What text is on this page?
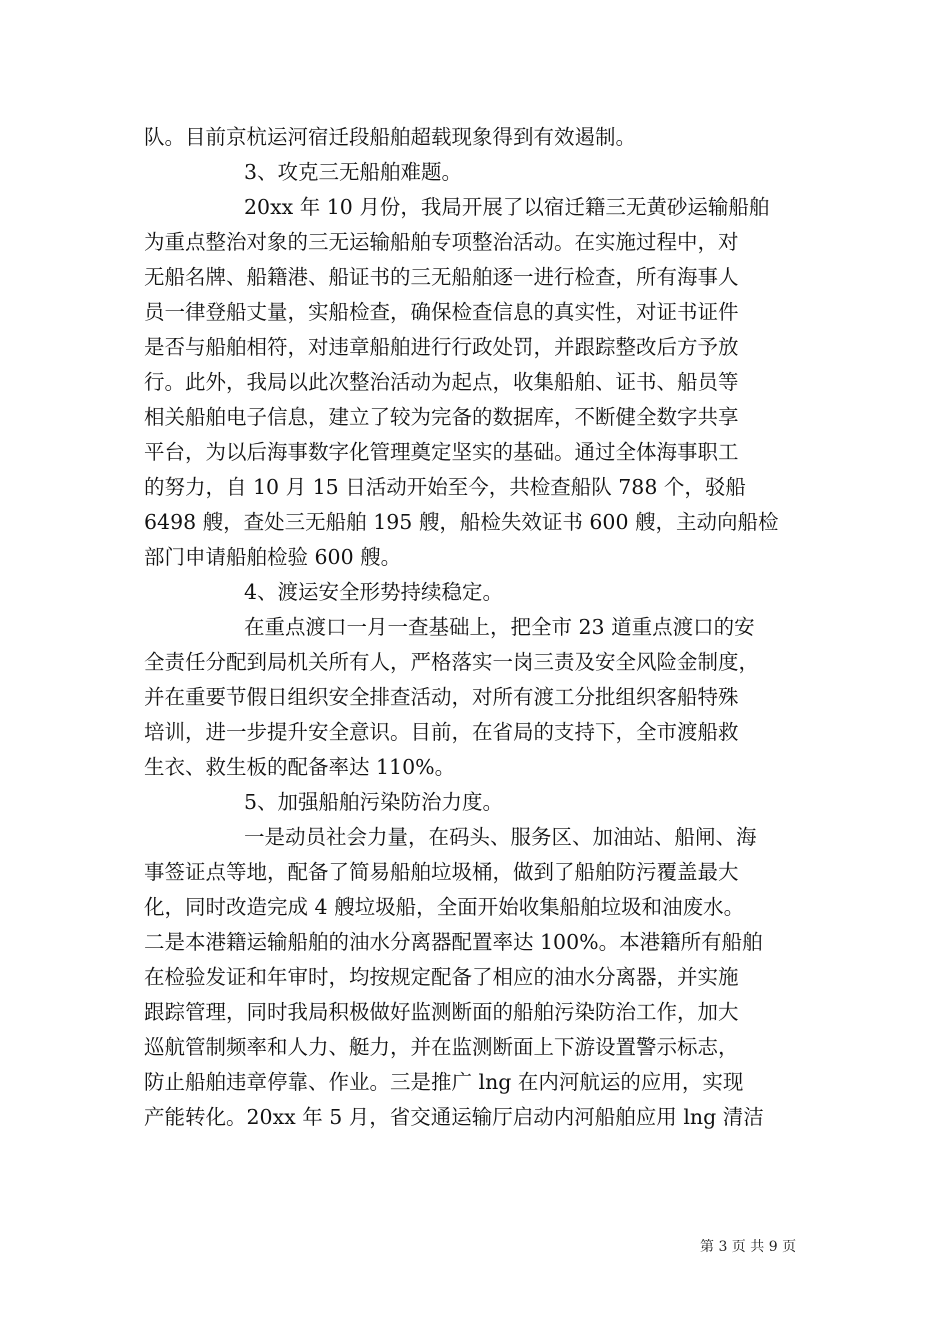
队。目前京杭运河宿迁段船舶超载现象得到有效遏制。
3、攻克三无船舶难题。
20xx 年 10 月份，我局开展了以宿迁籍三无黄砂运输船舶
为重点整治对象的三无运输船舶专项整治活动。在实施过程中，对
无船名牌、船籍港、船证书的三无船舶逐一进行检查，所有海事人
员一律登船丈量，实船检查，确保检查信息的真实性，对证书证件
是否与船舶相符，对违章船舶进行行政处罚，并跟踪整改后方予放
行。此外，我局以此次整治活动为起点，收集船舶、证书、船员等
相关船舶电子信息，建立了较为完备的数据库，不断健全数字共享
平台，为以后海事数字化管理奠定坚实的基础。通过全体海事职工
的努力，自 10 月 15 日活动开始至今，共检查船队 788 个，驳船
6498 艘，查处三无船舶 195 艘，船检失效证书 600 艘，主动向船检
部门申请船舶检验 600 艘。
4、渡运安全形势持续稳定。
在重点渡口一月一查基础上，把全市 23 道重点渡口的安
全责任分配到局机关所有人，严格落实一岗三责及安全风险金制度，
并在重要节假日组织安全排查活动，对所有渡工分批组织客船特殊
培训，进一步提升安全意识。目前，在省局的支持下，全市渡船救
生衣、救生板的配备率达 110%。
5、加强船舶污染防治力度。
一是动员社会力量，在码头、服务区、加油站、船闸、海
事签证点等地，配备了简易船舶垃圾桶，做到了船舶防污覆盖最大
化，同时改造完成 4 艘垃圾船，全面开始收集船舶垃圾和油废水。
二是本港籍运输船舶的油水分离器配置率达 100%。本港籍所有船舶
在检验发证和年审时，均按规定配备了相应的油水分离器，并实施
跟踪管理，同时我局积极做好监测断面的船舶污染防治工作，加大
巡航管制频率和人力、艇力，并在监测断面上下游设置警示标志，
防止船舶违章停靠、作业。三是推广 lng 在内河航运的应用，实现
产能转化。20xx 年 5 月，省交通运输厅启动内河船舶应用 lng 清洁
第 3 页 共 9 页
